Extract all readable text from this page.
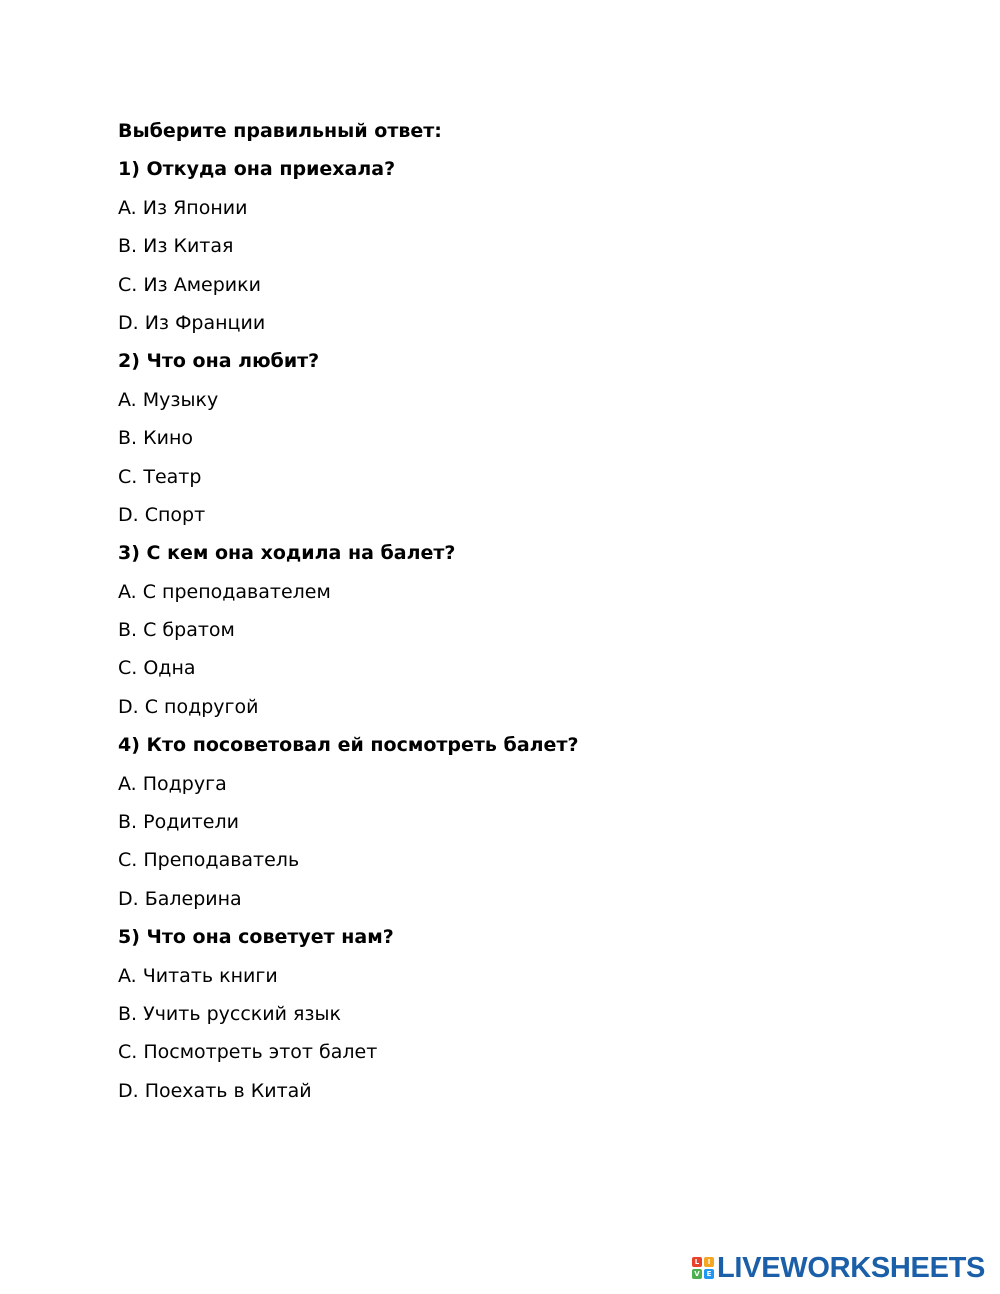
Выберите правильный ответ:
1) Откуда она приехала?
A. Из Японии
B. Из Китая
C. Из Америки
D. Из Франции
2) Что она любит?
A. Музыку
B. Кино
C. Театр
D. Спорт
3) С кем она ходила на балет?
A. С преподавателем
B. С братом
C. Одна
D. С подругой
4) Кто посоветовал ей посмотреть балет?
A. Подруга
B. Родители
C. Преподаватель
D. Балерина
5) Что она советует нам?
A. Читать книги
B. Учить русский язык
C. Посмотреть этот балет
D. Поехать в Китай
L	I
V E LIVEWORKSHEETS
